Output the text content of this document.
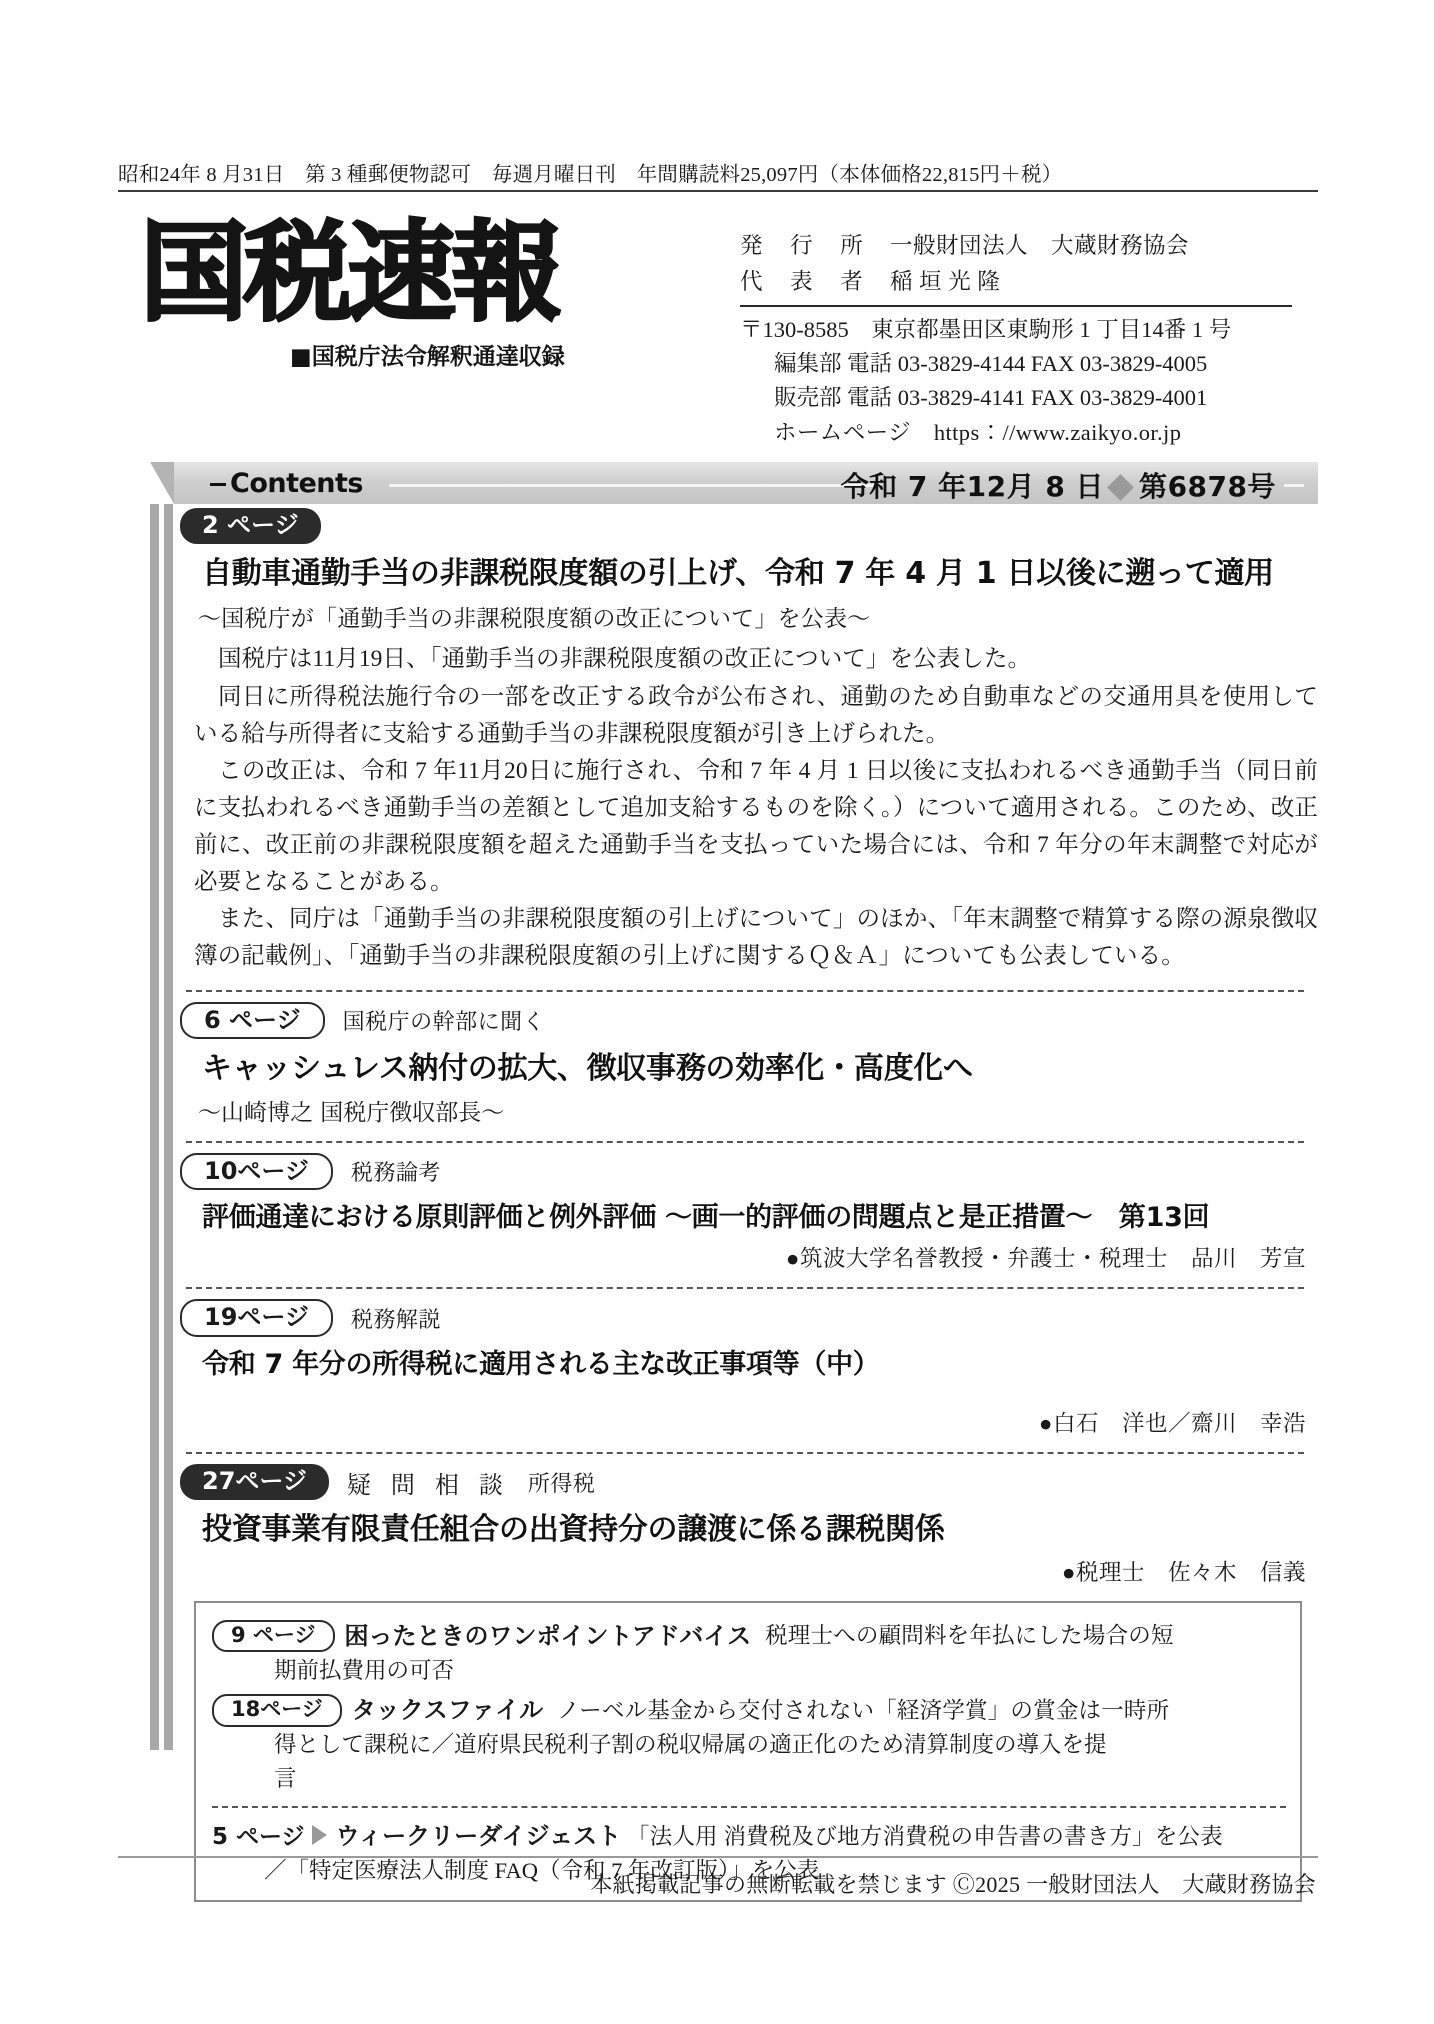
昭和24年 8 月31日　第 3 種郵便物認可　毎週月曜日刊　年間購読料25,097円（本体価格22,815円＋税）
国税速報
■国税庁法令解釈通達収録
発 行 所 一般財団法人　大蔵財務協会
代 表 者 稲 垣 光 隆
〒130-8585　東京都墨田区東駒形 1 丁目14番 1 号
編集部 電話 03-3829-4144 FAX 03-3829-4005
販売部 電話 03-3829-4141 FAX 03-3829-4001
ホームページ　https：//www.zaikyo.or.jp
Contents	令和 7 年12月 8 日 第6878号
2 ページ
自動車通勤手当の非課税限度額の引上げ、令和 7 年 4 月 1 日以後に遡って適用
〜国税庁が「通勤手当の非課税限度額の改正について」を公表〜
国税庁は11月19日、「通勤手当の非課税限度額の改正について」を公表した。
同日に所得税法施行令の一部を改正する政令が公布され、通勤のため自動車などの交通用具を使用している給与所得者に支給する通勤手当の非課税限度額が引き上げられた。
この改正は、令和 7 年11月20日に施行され、令和 7 年 4 月 1 日以後に支払われるべき通勤手当（同日前に支払われるべき通勤手当の差額として追加支給するものを除く。）について適用される。このため、改正前に、改正前の非課税限度額を超えた通勤手当を支払っていた場合には、令和 7 年分の年末調整で対応が必要となることがある。
また、同庁は「通勤手当の非課税限度額の引上げについて」のほか、「年末調整で精算する際の源泉徴収簿の記載例」、「通勤手当の非課税限度額の引上げに関するＱ＆Ａ」についても公表している。
6 ページ 国税庁の幹部に聞く
キャッシュレス納付の拡大、徴収事務の効率化・高度化へ
〜山崎博之 国税庁徴収部長〜
10ページ 税務論考
評価通達における原則評価と例外評価 〜画一的評価の問題点と是正措置〜　第13回
●筑波大学名誉教授・弁護士・税理士　品川　芳宣
19ページ 税務解説
令和 7 年分の所得税に適用される主な改正事項等（中）
●白石　洋也／齋川　幸浩
27ページ 疑 問 相 談 所得税
投資事業有限責任組合の出資持分の譲渡に係る課税関係
●税理士　佐々木　信義
9 ページ 困ったときのワンポイントアドバイス 税理士への顧問料を年払にした場合の短
期前払費用の可否
18ページ タックスファイル ノーベル基金から交付されない「経済学賞」の賞金は一時所
得として課税に／道府県民税利子割の税収帰属の適正化のため清算制度の導入を提
言
5 ページ ウィークリーダイジェスト 「法人用 消費税及び地方消費税の申告書の書き方」を公表
／「特定医療法人制度 FAQ（令和 7 年改訂版）」を公表
本紙掲載記事の無断転載を禁じます Ⓒ2025 一般財団法人　大蔵財務協会
